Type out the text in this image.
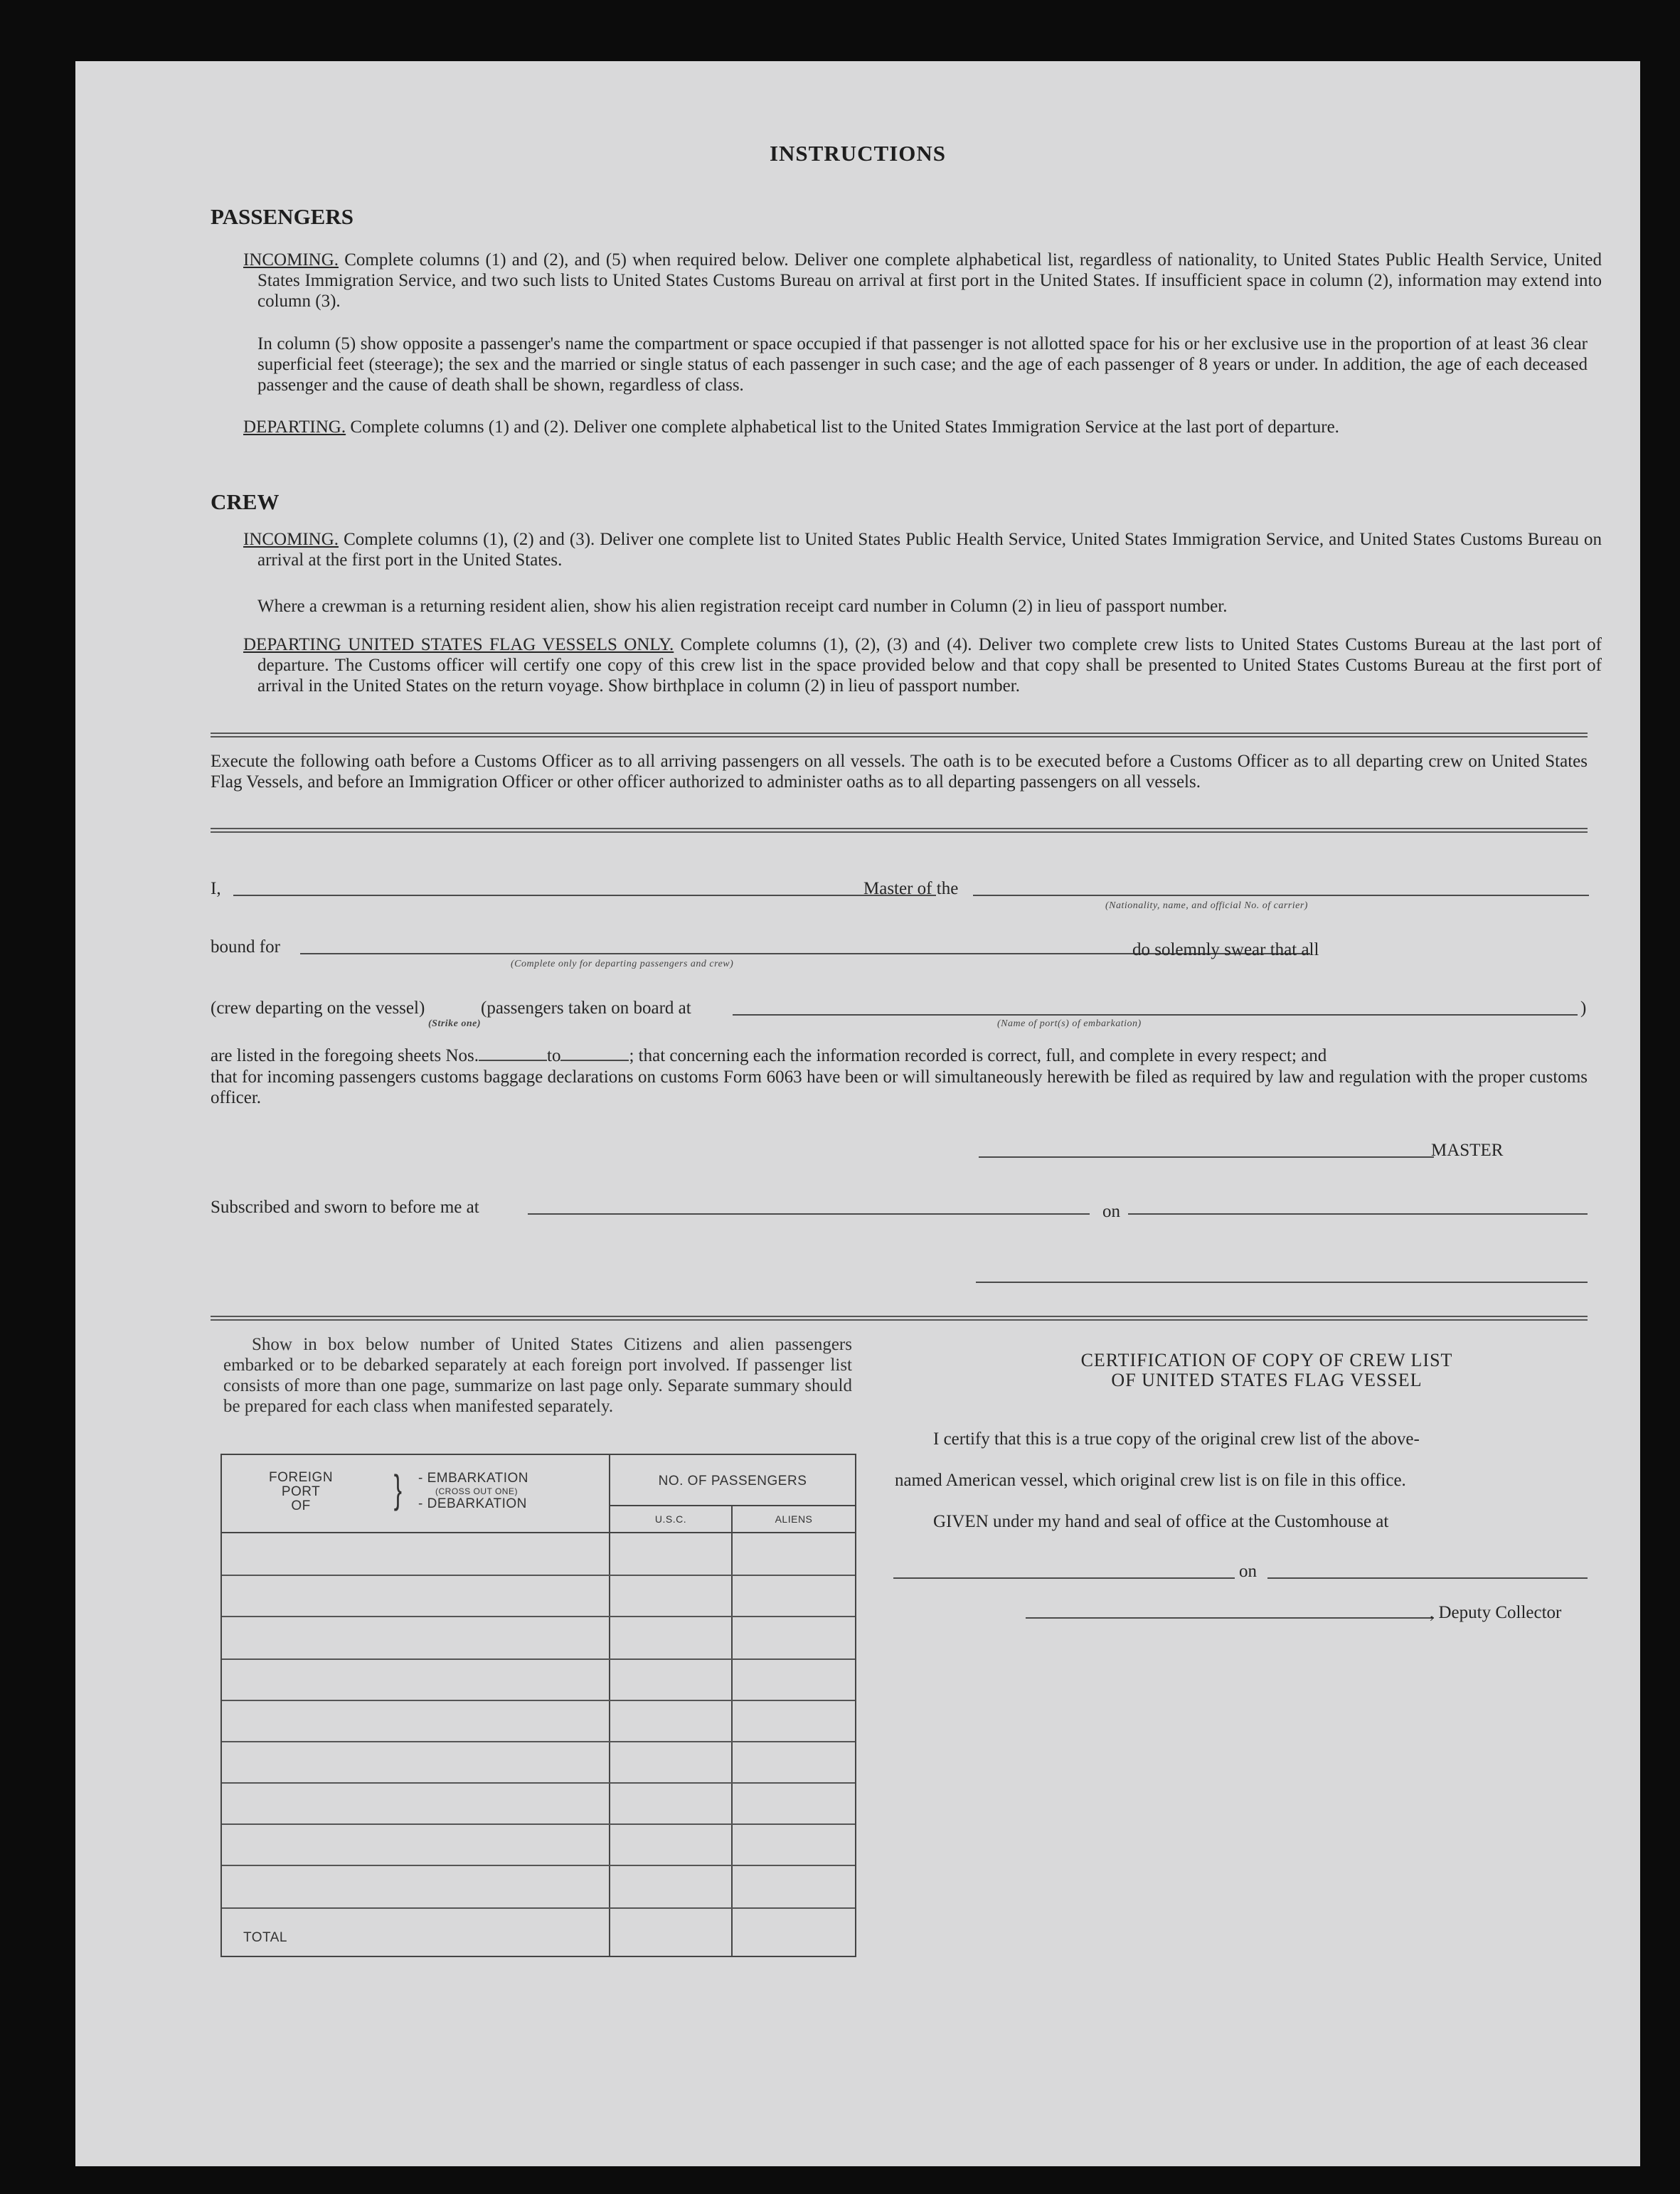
INSTRUCTIONS
PASSENGERS
INCOMING. Complete columns (1) and (2), and (5) when required below. Deliver one complete alphabetical list, regardless of nationality, to United States Public Health Service, United States Immigration Service, and two such lists to United States Customs Bureau on arrival at first port in the United States. If insufficient space in column (2), information may extend into column (3).
In column (5) show opposite a passenger's name the compartment or space occupied if that passenger is not allotted space for his or her exclusive use in the proportion of at least 36 clear superficial feet (steerage); the sex and the married or single status of each passenger in such case; and the age of each passenger of 8 years or under. In addition, the age of each deceased passenger and the cause of death shall be shown, regardless of class.
DEPARTING. Complete columns (1) and (2). Deliver one complete alphabetical list to the United States Immigration Service at the last port of departure.
CREW
INCOMING. Complete columns (1), (2) and (3). Deliver one complete list to United States Public Health Service, United States Immigration Service, and United States Customs Bureau on arrival at the first port in the United States.
Where a crewman is a returning resident alien, show his alien registration receipt card number in Column (2) in lieu of passport number.
DEPARTING UNITED STATES FLAG VESSELS ONLY. Complete columns (1), (2), (3) and (4). Deliver two complete crew lists to United States Customs Bureau at the last port of departure. The Customs officer will certify one copy of this crew list in the space provided below and that copy shall be presented to United States Customs Bureau at the first port of arrival in the United States on the return voyage. Show birthplace in column (2) in lieu of passport number.
Execute the following oath before a Customs Officer as to all arriving passengers on all vessels. The oath is to be executed before a Customs Officer as to all departing crew on United States Flag Vessels, and before an Immigration Officer or other officer authorized to administer oaths as to all departing passengers on all vessels.
I,	Master of the
(Nationality, name, and official No. of carrier)
bound for
(Complete only for departing passengers and crew)
do solemnly swear that all
(crew departing on the vessel)	(passengers taken on board at	)
(Strike one)	(Name of port(s) of embarkation)
are listed in the foregoing sheets Nos.	to	; that concerning each the information recorded is correct, full, and complete in every respect; and
that for incoming passengers customs baggage declarations on customs Form 6063 have been or will simultaneously herewith be filed as required by law and regulation with the proper customs officer.
MASTER
Subscribed and sworn to before me at	on
Show in box below number of United States Citizens and alien passengers embarked or to be debarked separately at each foreign port involved. If passenger list consists of more than one page, summarize on last page only. Separate summary should be prepared for each class when manifested separately.
FOREIGN
PORT
OF	} - EMBARKATION
(CROSS OUT ONE)
- DEBARKATION
NO. OF PASSENGERS
U.S.C.	ALIENS
TOTAL
CERTIFICATION OF COPY OF CREW LIST
OF UNITED STATES FLAG VESSEL
I certify that this is a true copy of the original crew list of the above-
named American vessel, which original crew list is on file in this office.
GIVEN under my hand and seal of office at the Customhouse at
on
, Deputy Collector
